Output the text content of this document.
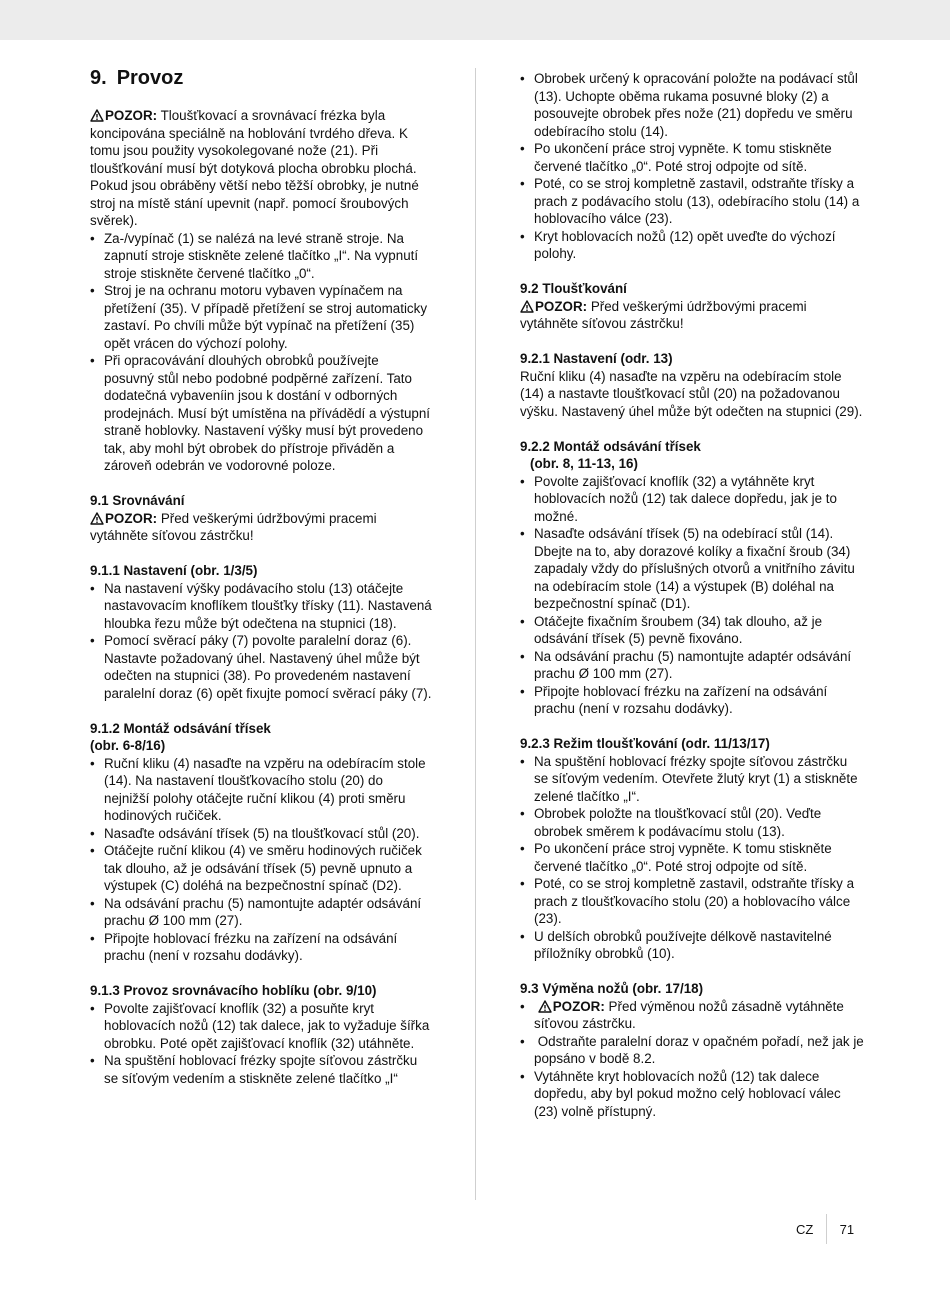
9. Provoz

POZOR: Tloušťkovací a srovnávací frézka byla koncipována speciálně na hoblování tvrdého dřeva. K tomu jsou použity vysokolegované nože (21). Při tloušťkování musí být dotyková plocha obrobku plochá. Pokud jsou obráběny větší nebo těžší obrobky, je nutné stroj na místě stání upevnit (např. pomocí šroubových svěrek).

• Za-/vypínač (1) se nalézá na levé straně stroje. Na zapnutí stroje stiskněte zelené tlačítko „I“. Na vypnutí stroje stiskněte červené tlačítko „0“.
• Stroj je na ochranu motoru vybaven vypínačem na přetížení (35). V případě přetížení se stroj automaticky zastaví. Po chvíli může být vypínač na přetížení (35) opět vrácen do výchozí polohy.
• Při opracovávání dlouhých obrobků používejte posuvný stůl nebo podobné podpěrné zařízení. Tato dodatečná vybaveníin jsou k dostání v odborných prodejnách. Musí být umístěna na přívádědí a výstupní straně hoblovky. Nastavení výšky musí být provedeno tak, aby mohl být obrobek do přístroje přiváděn a zároveň odebrán ve vodorovné poloze.

9.1 Srovnávání

POZOR: Před veškerými údržbovými pracemi vytáhněte síťovou zástrčku!

9.1.1 Nastavení (obr. 1/3/5)

• Na nastavení výšky podávacího stolu (13) otáčejte nastavovacím knoflíkem tloušťky třísky (11). Nastavená hloubka řezu může být odečtena na stupnici (18).
• Pomocí svěrací páky (7) povolte paralelní doraz (6). Nastavte požadovaný úhel. Nastavený úhel může být odečten na stupnici (38). Po provedeném nastavení paralelní doraz (6) opět fixujte pomocí svěrací páky (7).

9.1.2 Montáž odsávání třísek
(obr. 6-8/16)

• Ruční kliku (4) nasaďte na vzpěru na odebíracím stole (14). Na nastavení tloušťkovacího stolu (20) do nejnižší polohy otáčejte ruční klikou (4) proti směru hodinových ručiček.
• Nasaďte odsávání třísek (5) na tloušťkovací stůl (20).
• Otáčejte ruční klikou (4) ve směru hodinových ručiček tak dlouho, až je odsávání třísek (5) pevně upnuto a výstupek (C) doléhá na bezpečnostní spínač (D2).
• Na odsávání prachu (5) namontujte adaptér odsávání prachu Ø 100 mm (27).
• Připojte hoblovací frézku na zařízení na odsávání prachu (není v rozsahu dodávky).

9.1.3 Provoz srovnávacího hoblíku (obr. 9/10)

• Povolte zajišťovací knoflík (32) a posuňte kryt hoblovacích nožů (12) tak dalece, jak to vyžaduje šířka obrobku. Poté opět zajišťovací knoflík (32) utáhněte.
• Na spuštění hoblovací frézky spojte síťovou zástrčku se síťovým vedením a stiskněte zelené tlačítko „I“
• Obrobek určený k opracování položte na podávací stůl (13). Uchopte oběma rukama posuvné bloky (2) a posouvejte obrobek přes nože (21) dopředu ve směru odebíracího stolu (14).
• Po ukončení práce stroj vypněte. K tomu stiskněte červené tlačítko „0“. Poté stroj odpojte od sítě.
• Poté, co se stroj kompletně zastavil, odstraňte třísky a prach z podávacího stolu (13), odebíracího stolu (14) a hoblovacího válce (23).
• Kryt hoblovacích nožů (12) opět uveďte do výchozí polohy.

9.2 Tloušťkování

POZOR: Před veškerými údržbovými pracemi vytáhněte síťovou zástrčku!

9.2.1 Nastavení (odr. 13)

Ruční kliku (4) nasaďte na vzpěru na odebíracím stole (14) a nastavte tloušťkovací stůl (20) na požadovanou výšku. Nastavený úhel může být odečten na stupnici (29).

9.2.2 Montáž odsávání třísek
(obr. 8, 11-13, 16)

• Povolte zajišťovací knoflík (32) a vytáhněte kryt hoblovacích nožů (12) tak dalece dopředu, jak je to možné.
• Nasaďte odsávání třísek (5) na odebírací stůl (14). Dbejte na to, aby dorazové kolíky a fixační šroub (34) zapadaly vždy do příslušných otvorů a vnitřního závitu na odebíracím stole (14) a výstupek (B) doléhal na bezpečnostní spínač (D1).
• Otáčejte fixačním šroubem (34) tak dlouho, až je odsávání třísek (5) pevně fixováno.
• Na odsávání prachu (5) namontujte adaptér odsávání prachu Ø 100 mm (27).
• Připojte hoblovací frézku na zařízení na odsávání prachu (není v rozsahu dodávky).

9.2.3 Režim tloušťkování (odr. 11/13/17)

• Na spuštění hoblovací frézky spojte síťovou zástrčku se síťovým vedením. Otevřete žlutý kryt (1) a stiskněte zelené tlačítko „I“.
• Obrobek položte na tloušťkovací stůl (20). Veďte obrobek směrem k podávacímu stolu (13).
• Po ukončení práce stroj vypněte. K tomu stiskněte červené tlačítko „0“. Poté stroj odpojte od sítě.
• Poté, co se stroj kompletně zastavil, odstraňte třísky a prach z tloušťkovacího stolu (20) a hoblovacího válce (23).
• U delších obrobků používejte délkově nastavitelné příložníky obrobků (10).

9.3 Výměna nožů (obr. 17/18)

• POZOR: Před výměnou nožů zásadně vytáhněte síťovou zástrčku.
• Odstraňte paralelní doraz v opačném pořadí, než jak je popsáno v bodě 8.2.
• Vytáhněte kryt hoblovacích nožů (12) tak dalece dopředu, aby byl pokud možno celý hoblovací válec (23) volně přístupný.
CZ 71
